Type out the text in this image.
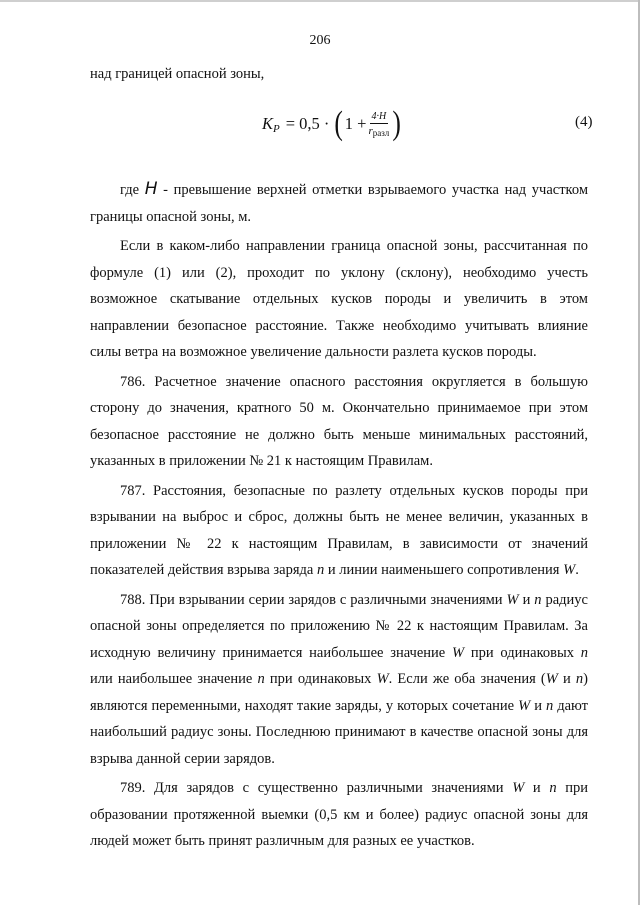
206
над границей опасной зоны,
K P = 0,5 · ( $1 + \frac{4\cdot H}{\text{rразл}}$ )	(4)

где H - превышение верхней отметки взрываемого участка над участком границы опасной зоны, м.

Если в каком-либо направлении граница опасной зоны, рассчитанная по формуле (1) или (2), проходит по уклону (склону), необходимо учесть возможное скатывание отдельных кусков породы и увеличить в этом направлении безопасное расстояние. Также необходимо учитывать влияние силы ветра на возможное увеличение дальности разлета кусков породы.

786. Расчетное значение опасного расстояния округляется в большую сторону до значения, кратного 50 м. Окончательно принимаемое при этом безопасное расстояние не должно быть меньше минимальных расстояний, указанных в приложении № 21 к настоящим Правилам.

787. Расстояния, безопасные по разлету отдельных кусков породы при взрывании на выброс и сброс, должны быть не менее величин, указанных в приложении № 22 к настоящим Правилам, в зависимости от значений показателей действия взрыва заряда n и линии наименьшего сопротивления W.

788. При взрывании серии зарядов с различными значениями W и n радиус опасной зоны определяется по приложению № 22 к настоящим Правилам. За исходную величину принимается наибольшее значение W при одинаковых n или наибольшее значение n при одинаковых W. Если же оба значения (W и n) являются переменными, находят такие заряды, у которых сочетание W и n дают наибольший радиус зоны. Последнюю принимают в качестве опасной зоны для взрыва данной серии зарядов.

789. Для зарядов с существенно различными значениями W и n при образовании протяженной выемки (0,5 км и более) радиус опасной зоны для людей может быть принят различным для разных ее участков.
